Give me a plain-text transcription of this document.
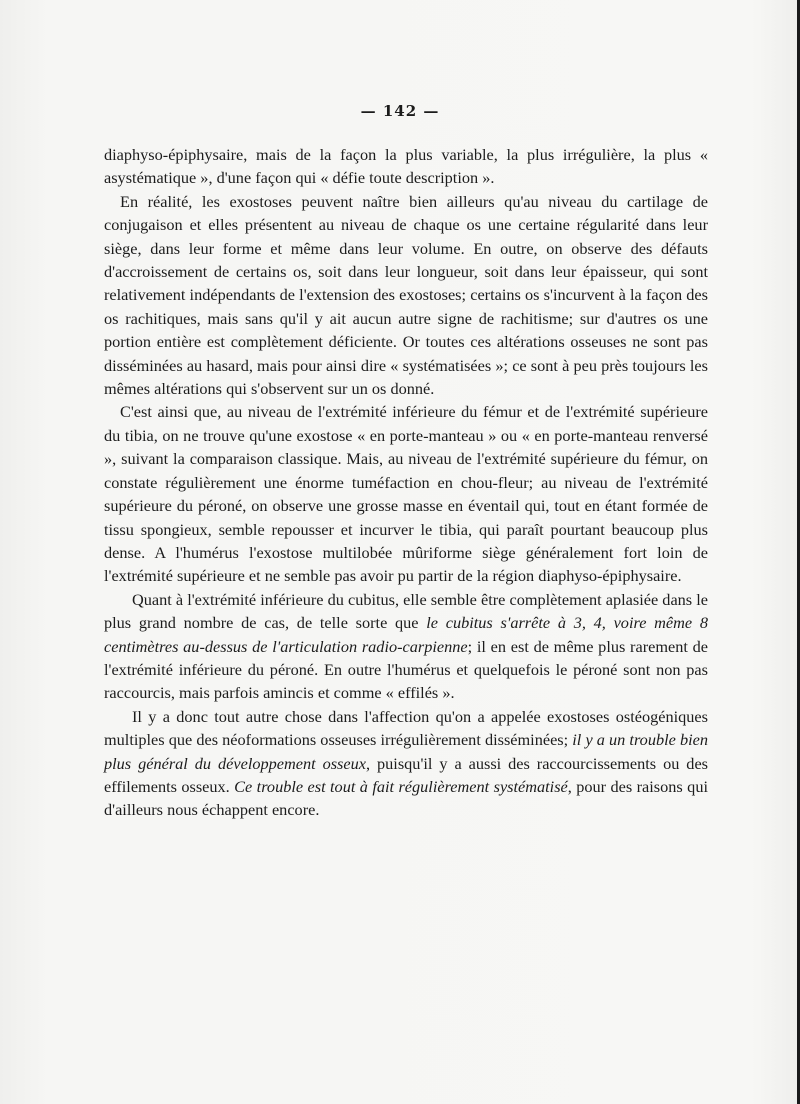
— 142 —

diaphyso-épiphysaire, mais de la façon la plus variable, la plus irrégulière, la plus « asystématique », d'une façon qui « défie toute description ».

En réalité, les exostoses peuvent naître bien ailleurs qu'au niveau du cartilage de conjugaison et elles présentent au niveau de chaque os une certaine régularité dans leur siège, dans leur forme et même dans leur volume. En outre, on observe des défauts d'accroissement de certains os, soit dans leur longueur, soit dans leur épaisseur, qui sont relativement indépendants de l'extension des exostoses; certains os s'incurvent à la façon des os rachitiques, mais sans qu'il y ait aucun autre signe de rachitisme; sur d'autres os une portion entière est complètement déficiente. Or toutes ces altérations osseuses ne sont pas disséminées au hasard, mais pour ainsi dire « systématisées »; ce sont à peu près toujours les mêmes altérations qui s'observent sur un os donné.

C'est ainsi que, au niveau de l'extrémité inférieure du fémur et de l'extrémité supérieure du tibia, on ne trouve qu'une exostose « en porte-manteau » ou « en porte-manteau renversé », suivant la comparaison classique. Mais, au niveau de l'extrémité supérieure du fémur, on constate régulièrement une énorme tuméfaction en chou-fleur; au niveau de l'extrémité supérieure du péroné, on observe une grosse masse en éventail qui, tout en étant formée de tissu spongieux, semble repousser et incurver le tibia, qui paraît pourtant beaucoup plus dense. A l'humérus l'exostose multilobée mûriforme siège généralement fort loin de l'extrémité supérieure et ne semble pas avoir pu partir de la région diaphyso-épiphysaire.

Quant à l'extrémité inférieure du cubitus, elle semble être complètement aplasiée dans le plus grand nombre de cas, de telle sorte que le cubitus s'arrête à 3, 4, voire même 8 centimètres au-dessus de l'articulation radio-carpienne; il en est de même plus rarement de l'extrémité inférieure du péroné. En outre l'humérus et quelquefois le péroné sont non pas raccourcis, mais parfois amincis et comme « effilés ».

Il y a donc tout autre chose dans l'affection qu'on a appelée exostoses ostéogéniques multiples que des néoformations osseuses irrégulièrement disséminées; il y a un trouble bien plus général du développement osseux, puisqu'il y a aussi des raccourcissements ou des effilements osseux. Ce trouble est tout à fait régulièrement systématisé, pour des raisons qui d'ailleurs nous échappent encore.
